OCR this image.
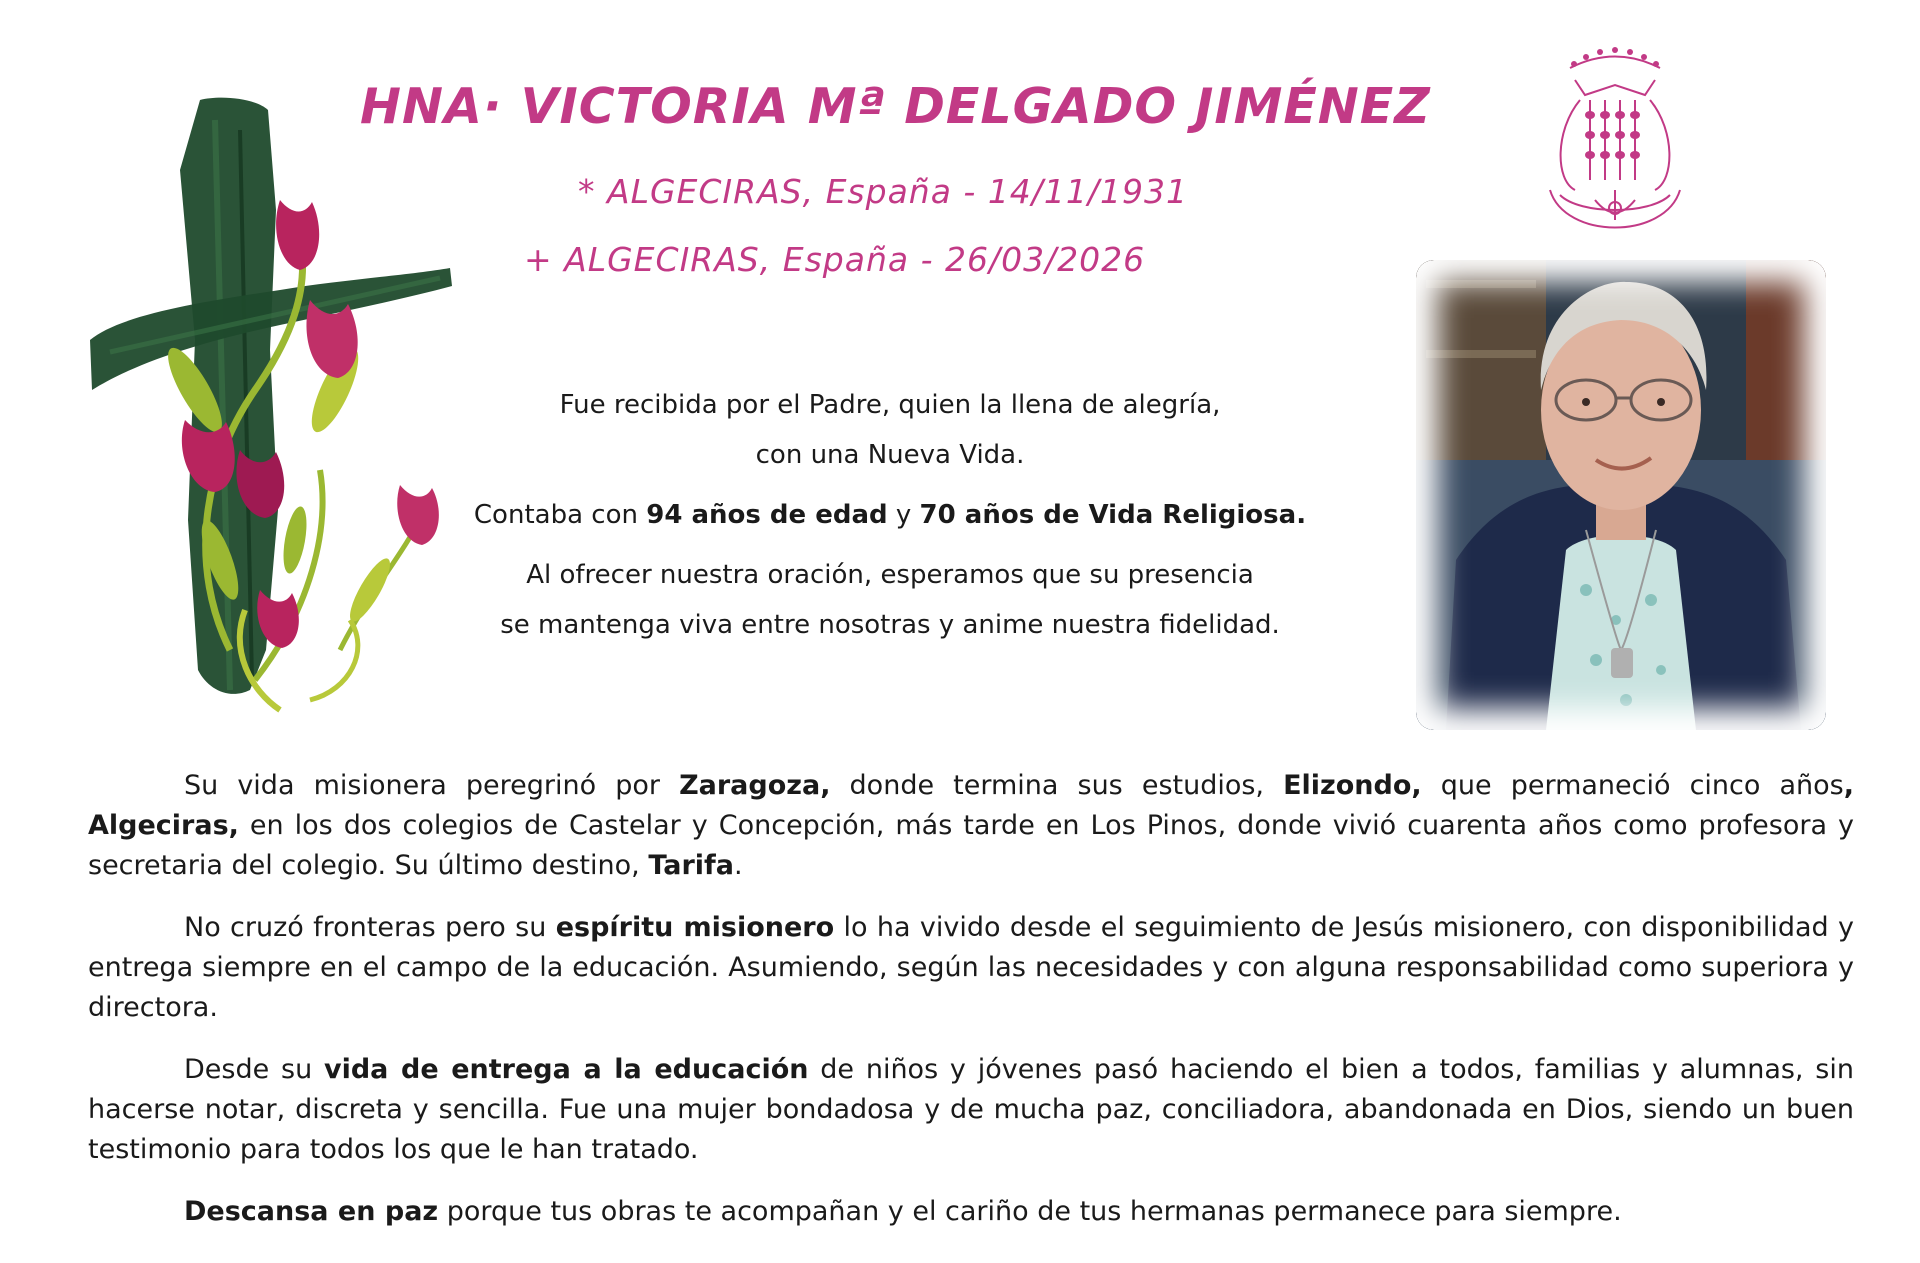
HNA· VICTORIA Mª DELGADO JIMÉNEZ
* ALGECIRAS, España - 14/11/1931
+ ALGECIRAS, España - 26/03/2026

Fue recibida por el Padre, quien la llena de alegría,

con una Nueva Vida.

Contaba con 94 años de edad y 70 años de Vida Religiosa.

Al ofrecer nuestra oración, esperamos que su presencia

se mantenga viva entre nosotras y anime nuestra fidelidad.

Su vida misionera peregrinó por Zaragoza, donde termina sus estudios, Elizondo, que permaneció cinco años, Algeciras, en los dos colegios de Castelar y Concepción, más tarde en Los Pinos, donde vivió cuarenta años como profesora y secretaria del colegio. Su último destino, Tarifa.

No cruzó fronteras pero su espíritu misionero lo ha vivido desde el seguimiento de Jesús misionero, con disponibilidad y entrega siempre en el campo de la educación. Asumiendo, según las necesidades y con alguna responsabilidad como superiora y directora.

Desde su vida de entrega a la educación de niños y jóvenes pasó haciendo el bien a todos, familias y alumnas, sin hacerse notar, discreta y sencilla. Fue una mujer bondadosa y de mucha paz, conciliadora, abandonada en Dios, siendo un buen testimonio para todos los que le han tratado.

Descansa en paz porque tus obras te acompañan y el cariño de tus hermanas permanece para siempre.
